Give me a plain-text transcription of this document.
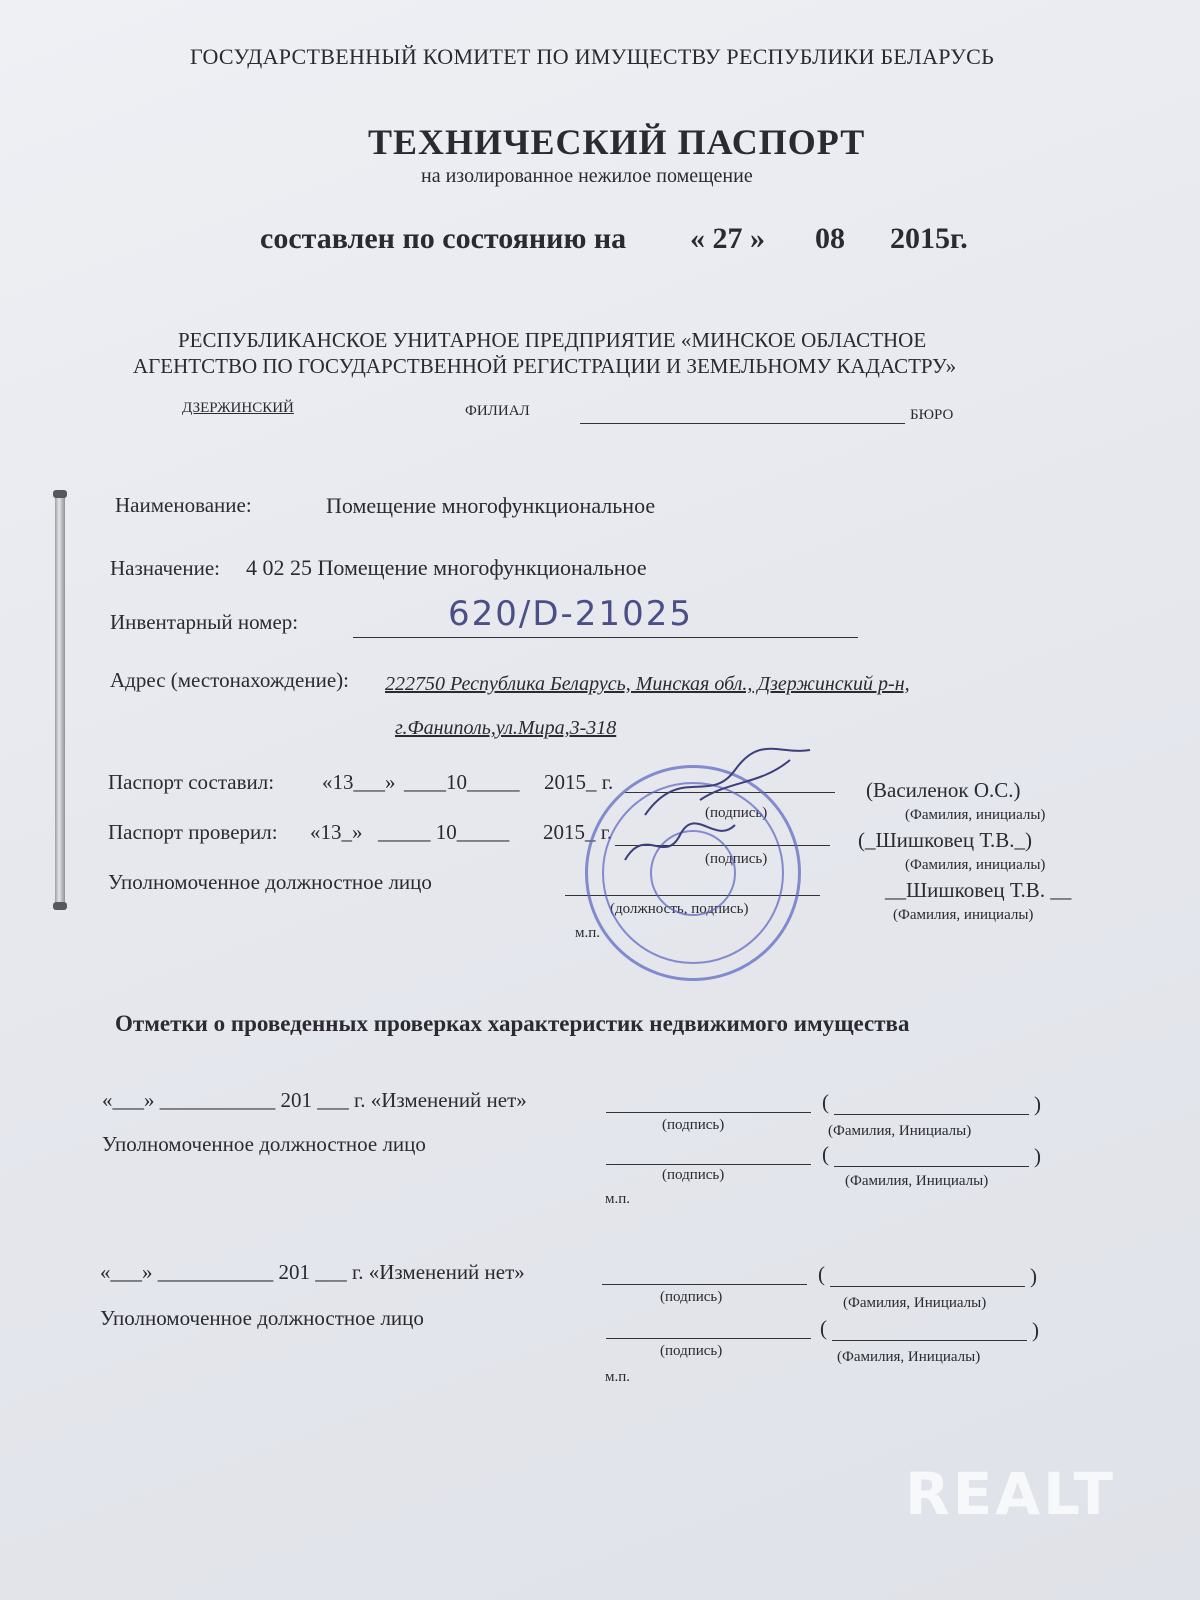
ГОСУДАРСТВЕННЫЙ КОМИТЕТ ПО ИМУЩЕСТВУ РЕСПУБЛИКИ БЕЛАРУСЬ
ТЕХНИЧЕСКИЙ ПАСПОРТ
на изолированное нежилое помещение
составлен по состоянию на « 27 » 08 2015г.
РЕСПУБЛИКАНСКОЕ УНИТАРНОЕ ПРЕДПРИЯТИЕ «МИНСКОЕ ОБЛАСТНОЕ
АГЕНТСТВО ПО ГОСУДАРСТВЕННОЙ РЕГИСТРАЦИИ И ЗЕМЕЛЬНОМУ КАДАСТРУ»
ДЗЕРЖИНСКИЙ	ФИЛИАЛ	БЮРО
Наименование:	Помещение многофункциональное
Назначение: 4 02 25 Помещение многофункциональное
Инвентарный номер:	620/D-21025
Адрес (местонахождение): 222750 Республика Беларусь, Минская обл., Дзержинский р-н,
г.Фаниполь,ул.Мира,3-318
Паспорт составил: «13___» ____10_____ 2015_ г.	(Василенок О.С.)
(подпись)	(Фамилия, инициалы)
Паспорт проверил: «13_» _____ 10_____ 2015_ г.	(_Шишковец Т.В._)
(подпись)	(Фамилия, инициалы)
Уполномоченное должностное лицо	__Шишковец Т.В. __
(должность, подпись)	(Фамилия, инициалы)
м.п.
Отметки о проведенных проверках характеристик недвижимого имущества
«___» ___________ 201 ___ г. «Изменений нет»	(	)
(подпись)	(Фамилия, Инициалы)
Уполномоченное должностное лицо	(	)
(подпись)	(Фамилия, Инициалы)
м.п.
«___» ___________ 201 ___ г. «Изменений нет»	(	)
(подпись)	(Фамилия, Инициалы)
Уполномоченное должностное лицо	(	)
(подпись)	(Фамилия, Инициалы)
м.п.
REALT
